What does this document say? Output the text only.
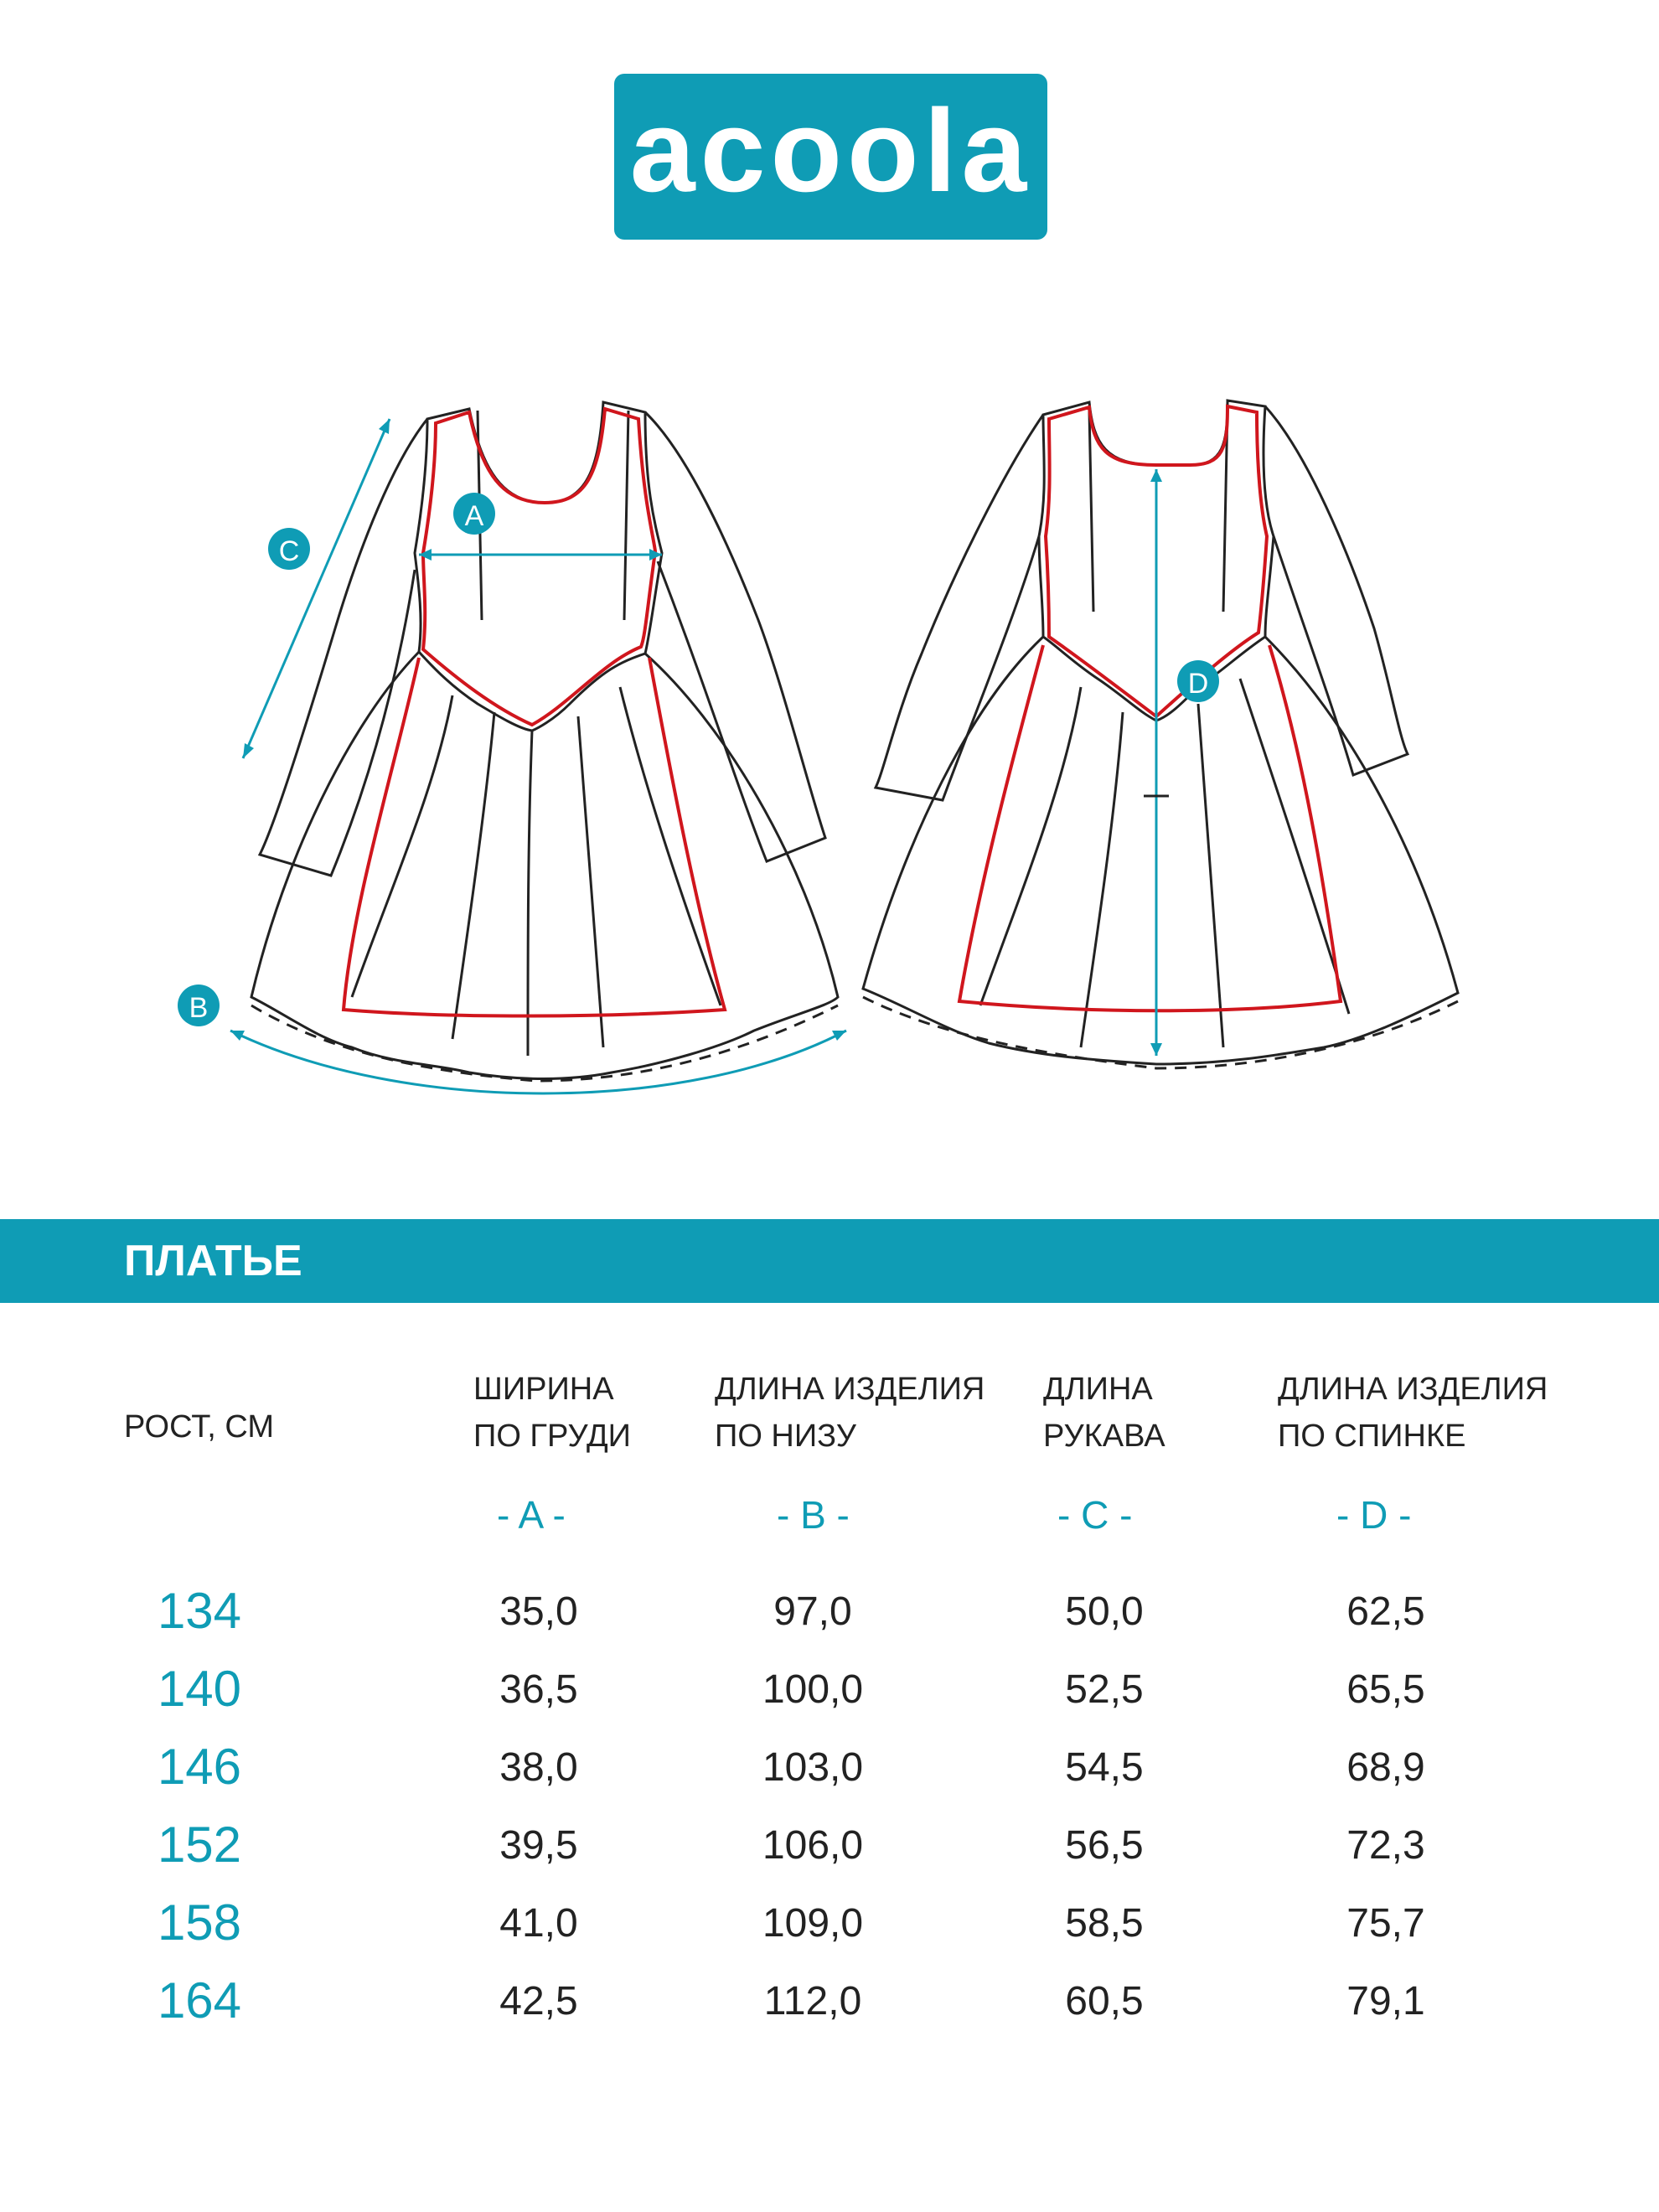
acoola
A
C
B
D
ПЛАТЬЕ
РОСТ, СМ
ШИРИНА
ПО ГРУДИ
ДЛИНА ИЗДЕЛИЯ
ПО НИЗУ
ДЛИНА
РУКАВА
ДЛИНА ИЗДЕЛИЯ
ПО СПИНКЕ
- A -	- B -	- C -	- D -
134	35,0	97,0	50,0	62,5
140	36,5	100,0	52,5	65,5
146	38,0	103,0	54,5	68,9
152	39,5	106,0	56,5	72,3
158	41,0	109,0	58,5	75,7
164	42,5	112,0	60,5	79,1
